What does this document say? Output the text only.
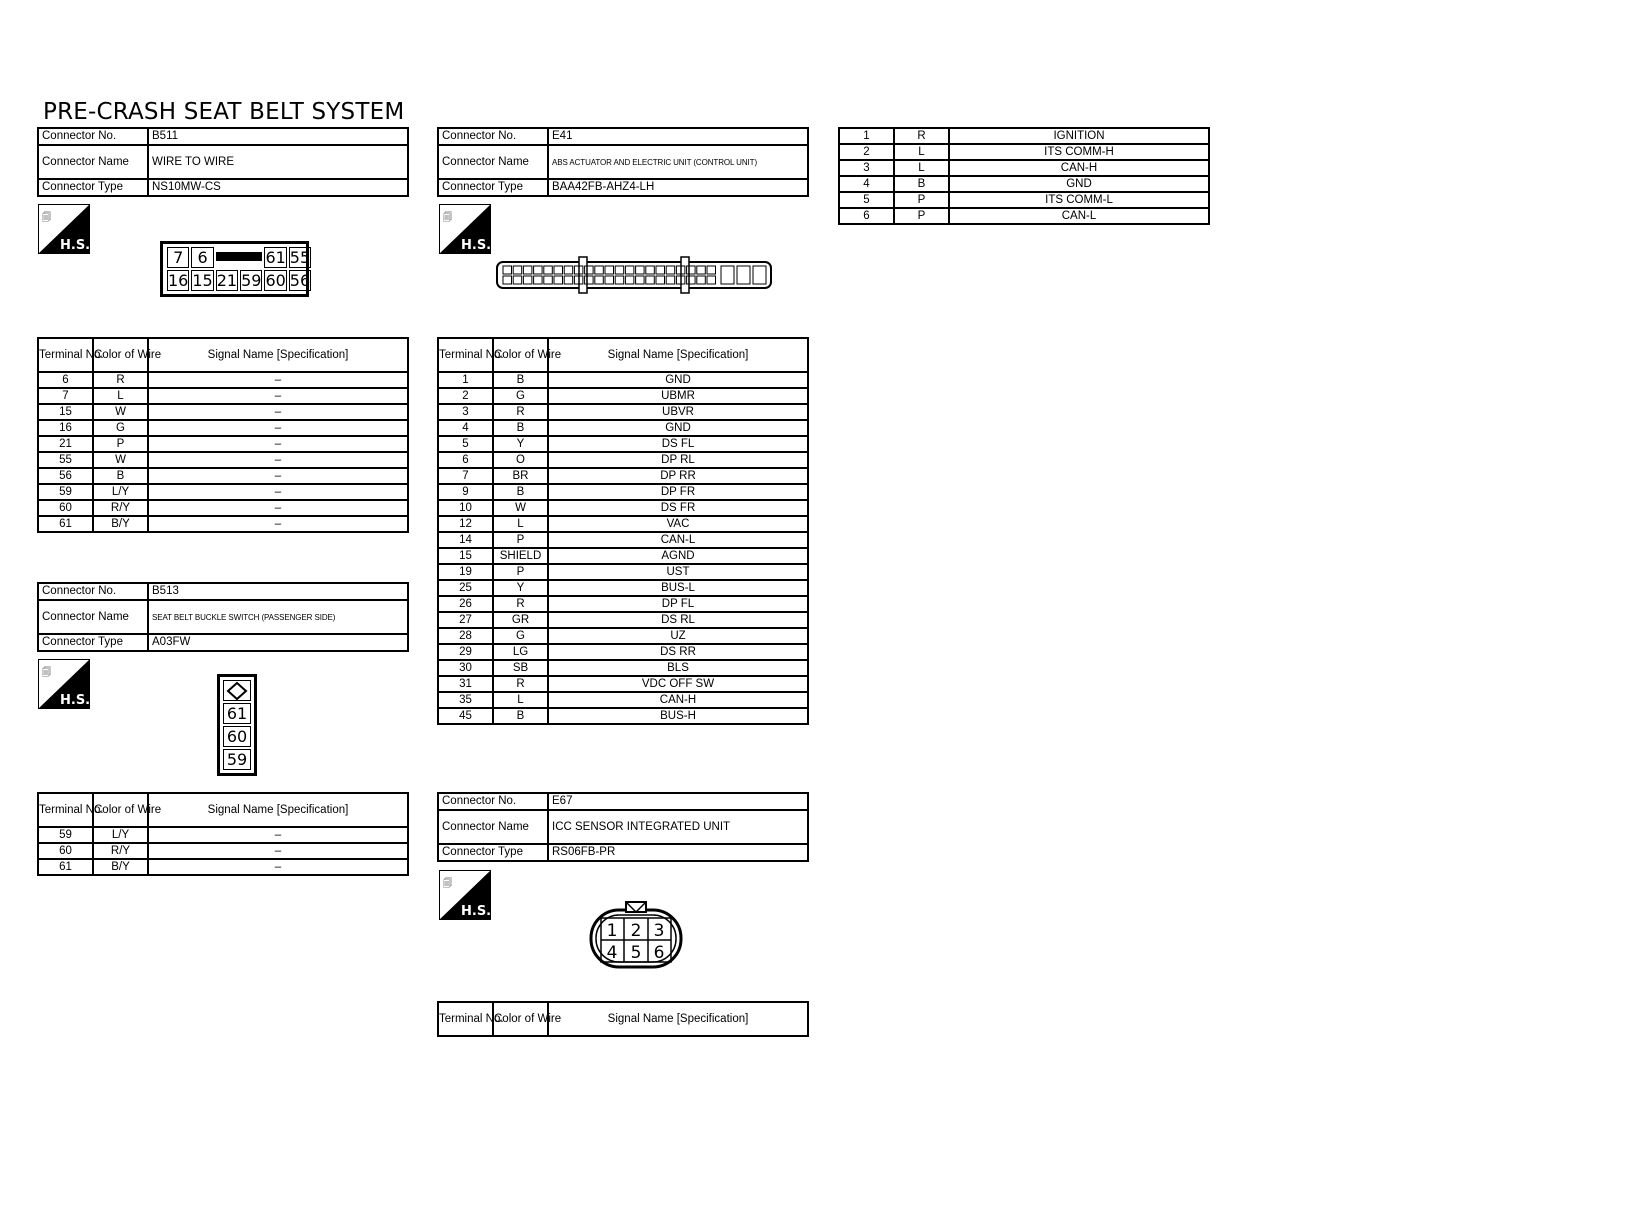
PRE-CRASH SEAT BELT SYSTEM
Connector No.	B511
Connector Name	WIRE TO WIRE
Connector Type	NS10MW-CS
🗐
H.S.
7 6	61 55
16 15 21 59 60 56
Terminal No.	Color of Wire	Signal Name [Specification]
6	R	–
7	L	–
15	W	–
16	G	–
21	P	–
55	W	–
56	B	–
59	L/Y	–
60	R/Y	–
61	B/Y	–
Connector No.	B513
Connector Name	SEAT BELT BUCKLE SWITCH (PASSENGER SIDE)
Connector Type	A03FW
🗐
H.S.
61
60
59
Terminal No.	Color of Wire	Signal Name [Specification]
59	L/Y	–
60	R/Y	–
61	B/Y	–
Connector No.	E41
Connector Name	ABS ACTUATOR AND ELECTRIC UNIT (CONTROL UNIT)
Connector Type	BAA42FB-AHZ4-LH
🗐
H.S.
Terminal No.	Color of Wire	Signal Name [Specification]
1	B	GND
2	G	UBMR
3	R	UBVR
4	B	GND
5	Y	DS FL
6	O	DP RL
7	BR	DP RR
9	B	DP FR
10	W	DS FR
12	L	VAC
14	P	CAN-L
15	SHIELD	AGND
19	P	UST
25	Y	BUS-L
26	R	DP FL
27	GR	DS RL
28	G	UZ
29	LG	DS RR
30	SB	BLS
31	R	VDC OFF SW
35	L	CAN-H
45	B	BUS-H
Connector No.	E67
Connector Name	ICC SENSOR INTEGRATED UNIT
Connector Type	RS06FB-PR
🗐
H.S.
1 2 3
4 5 6
Terminal No.	Color of Wire	Signal Name [Specification]
1	R	IGNITION
2	L	ITS COMM-H
3	L	CAN-H
4	B	GND
5	P	ITS COMM-L
6	P	CAN-L
